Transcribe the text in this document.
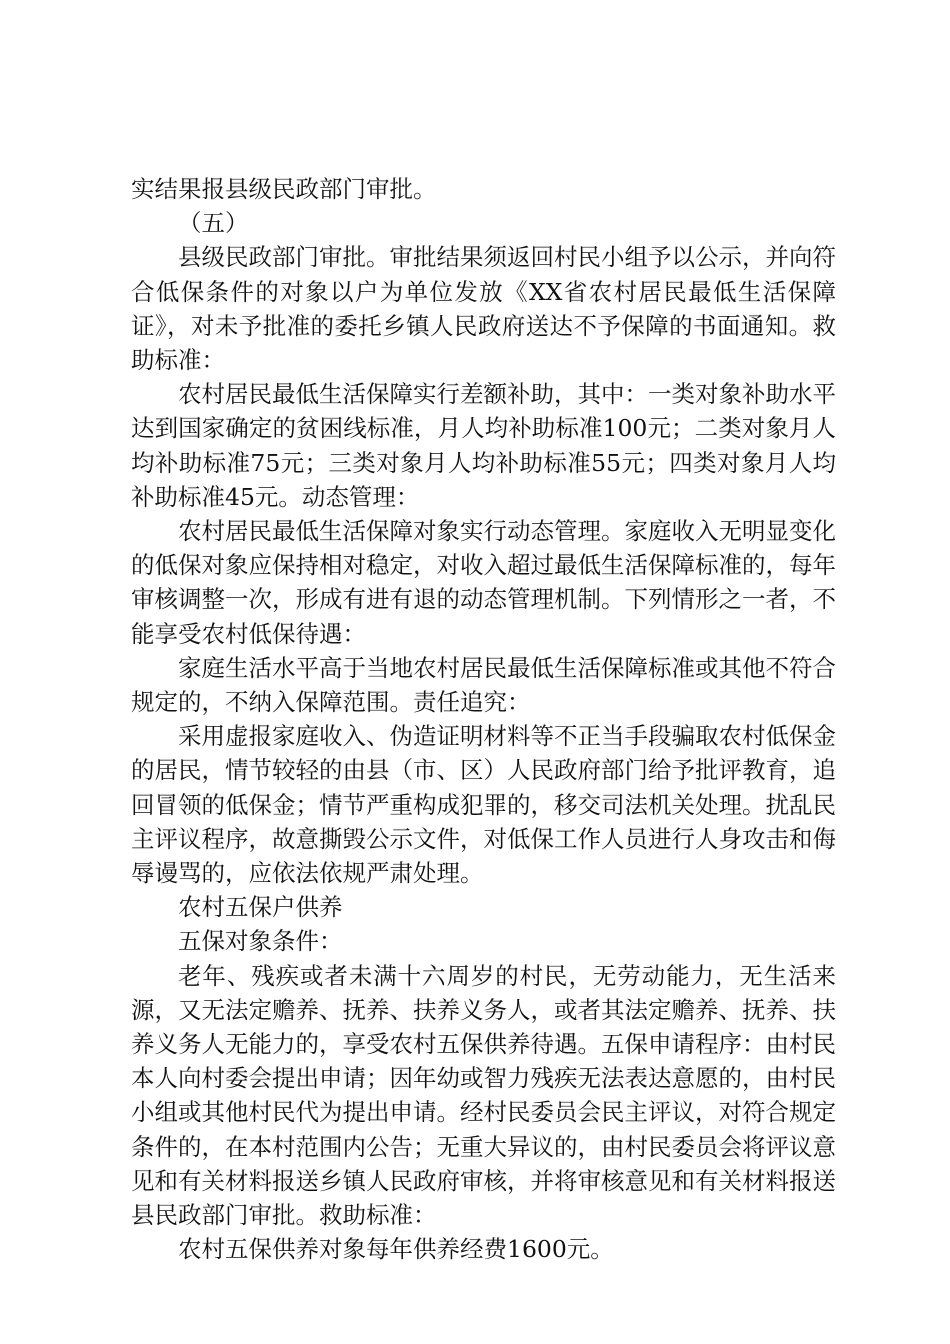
实结果报县级民政部门审批。

（五）

县级民政部门审批。审批结果须返回村民小组予以公示，并向符合低保条件的对象以户为单位发放《XX省农村居民最低生活保障证》，对未予批准的委托乡镇人民政府送达不予保障的书面通知。救助标准：

农村居民最低生活保障实行差额补助，其中：一类对象补助水平达到国家确定的贫困线标准，月人均补助标准100元；二类对象月人均补助标准75元；三类对象月人均补助标准55元；四类对象月人均补助标准45元。动态管理：

农村居民最低生活保障对象实行动态管理。家庭收入无明显变化的低保对象应保持相对稳定，对收入超过最低生活保障标准的，每年审核调整一次，形成有进有退的动态管理机制。下列情形之一者，不能享受农村低保待遇：

家庭生活水平高于当地农村居民最低生活保障标准或其他不符合规定的，不纳入保障范围。责任追究：

采用虚报家庭收入、伪造证明材料等不正当手段骗取农村低保金的居民，情节较轻的由县（市、区）人民政府部门给予批评教育，追回冒领的低保金；情节严重构成犯罪的，移交司法机关处理。扰乱民主评议程序，故意撕毁公示文件，对低保工作人员进行人身攻击和侮辱谩骂的，应依法依规严肃处理。

农村五保户供养

五保对象条件：

老年、残疾或者未满十六周岁的村民，无劳动能力，无生活来源，又无法定赡养、抚养、扶养义务人，或者其法定赡养、抚养、扶养义务人无能力的，享受农村五保供养待遇。五保申请程序：由村民本人向村委会提出申请；因年幼或智力残疾无法表达意愿的，由村民小组或其他村民代为提出申请。经村民委员会民主评议，对符合规定条件的，在本村范围内公告；无重大异议的，由村民委员会将评议意见和有关材料报送乡镇人民政府审核，并将审核意见和有关材料报送县民政部门审批。救助标准：

农村五保供养对象每年供养经费1600元。
